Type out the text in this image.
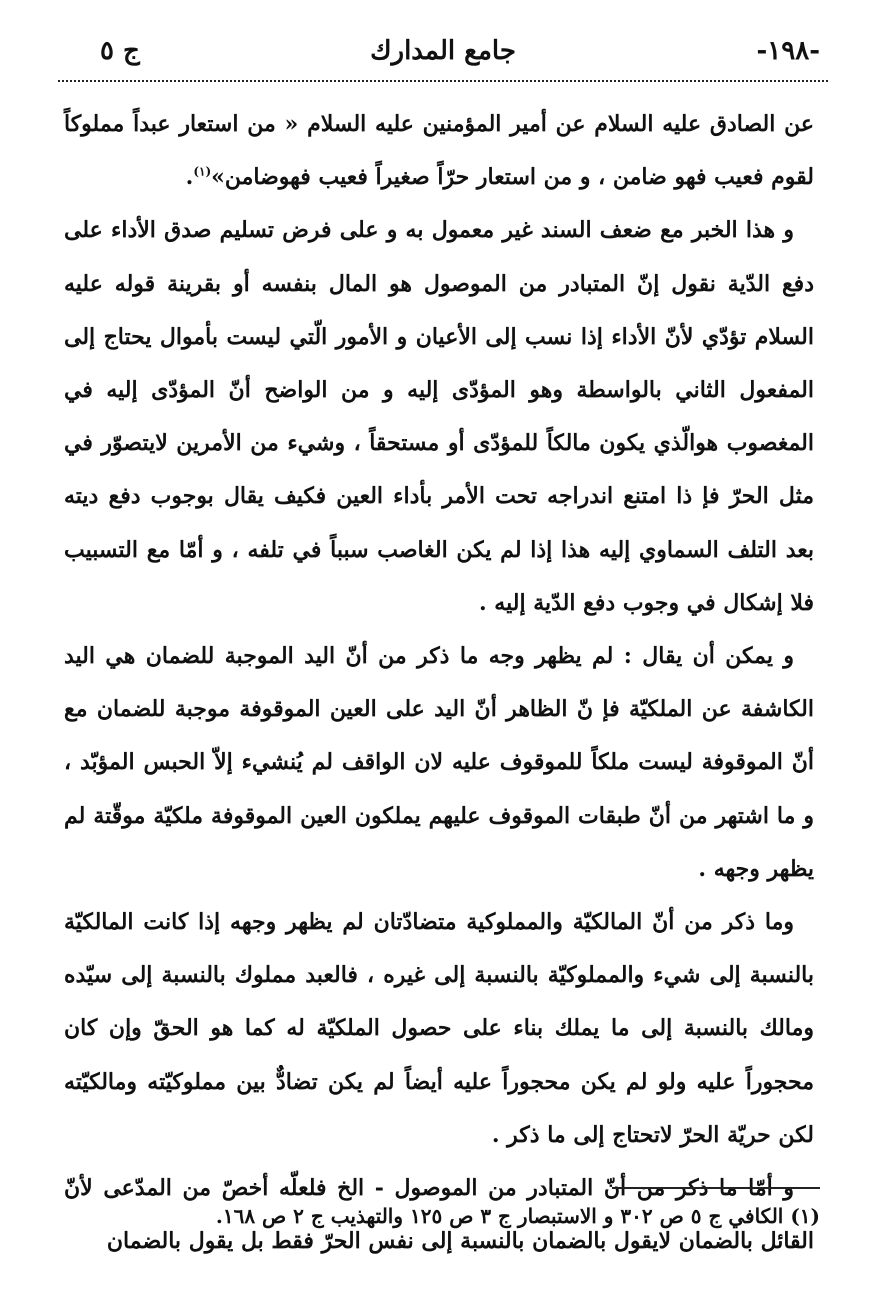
-١٩٨-
جامع المدارك
ج ٥

عن الصادق عليه السلام عن أمير المؤمنين عليه السلام « من استعار عبداً مملوكاً لقوم فعيب فهو ضامن ، و من استعار حرّاً صغيراً فعيب فهوضامن»$^{(١)}$.

و هذا الخبر مع ضعف السند غير معمول به و على فرض تسليم صدق الأداء على دفع الدّية نقول إنّ المتبادر من الموصول هو المال بنفسه أو بقرينة قوله عليه السلام تؤدّي لأنّ الأداء إذا نسب إلى الأعيان و الأمور الّتي ليست بأموال يحتاج إلى المفعول الثاني بالواسطة وهو المؤدّى إليه و من الواضح أنّ المؤدّى إليه في المغصوب هوالّذي يكون مالكاً للمؤدّى أو مستحقاً ، وشيء من الأمرين لايتصوّر في مثل الحرّ فإ ذا امتنع اندراجه تحت الأمر بأداء العين فكيف يقال بوجوب دفع ديته بعد التلف السماوي إليه هذا إذا لم يكن الغاصب سبباً في تلفه ، و أمّا مع التسبيب فلا إشكال في وجوب دفع الدّية إليه .

و يمكن أن يقال : لم يظهر وجه ما ذكر من أنّ اليد الموجبة للضمان هي اليد الكاشفة عن الملكيّة فإ نّ الظاهر أنّ اليد على العين الموقوفة موجبة للضمان مع أنّ الموقوفة ليست ملكاً للموقوف عليه لان الواقف لم يُنشيء إلاّ الحبس المؤبّد ، و ما اشتهر من أنّ طبقات الموقوف عليهم يملكون العين الموقوفة ملكيّة موقّتة لم يظهر وجهه .

وما ذكر من أنّ المالكيّة والمملوكية متضادّتان لم يظهر وجهه إذا كانت المالكيّة بالنسبة إلى شيء والمملوكيّة بالنسبة إلى غيره ، فالعبد مملوك بالنسبة إلى سيّده ومالك بالنسبة إلى ما يملك بناء على حصول الملكيّة له كما هو الحقّ وإن كان محجوراً عليه ولو لم يكن محجوراً عليه أيضاً لم يكن تضادٌّ بين مملوكيّته ومالكيّته لكن حريّة الحرّ لاتحتاج إلى ما ذكر .

و أمّا ما ذكر من أنّ المتبادر من الموصول - الخ فلعلّه أخصّ من المدّعى لأنّ القائل بالضمان لايقول بالضمان بالنسبة إلى نفس الحرّ فقط بل يقول بالضمان

(١) الكافي ج ٥ ص ٣٠٢ و الاستبصار ج ٣ ص ١٢٥ والتهذيب ج ٢ ص ١٦٨.
